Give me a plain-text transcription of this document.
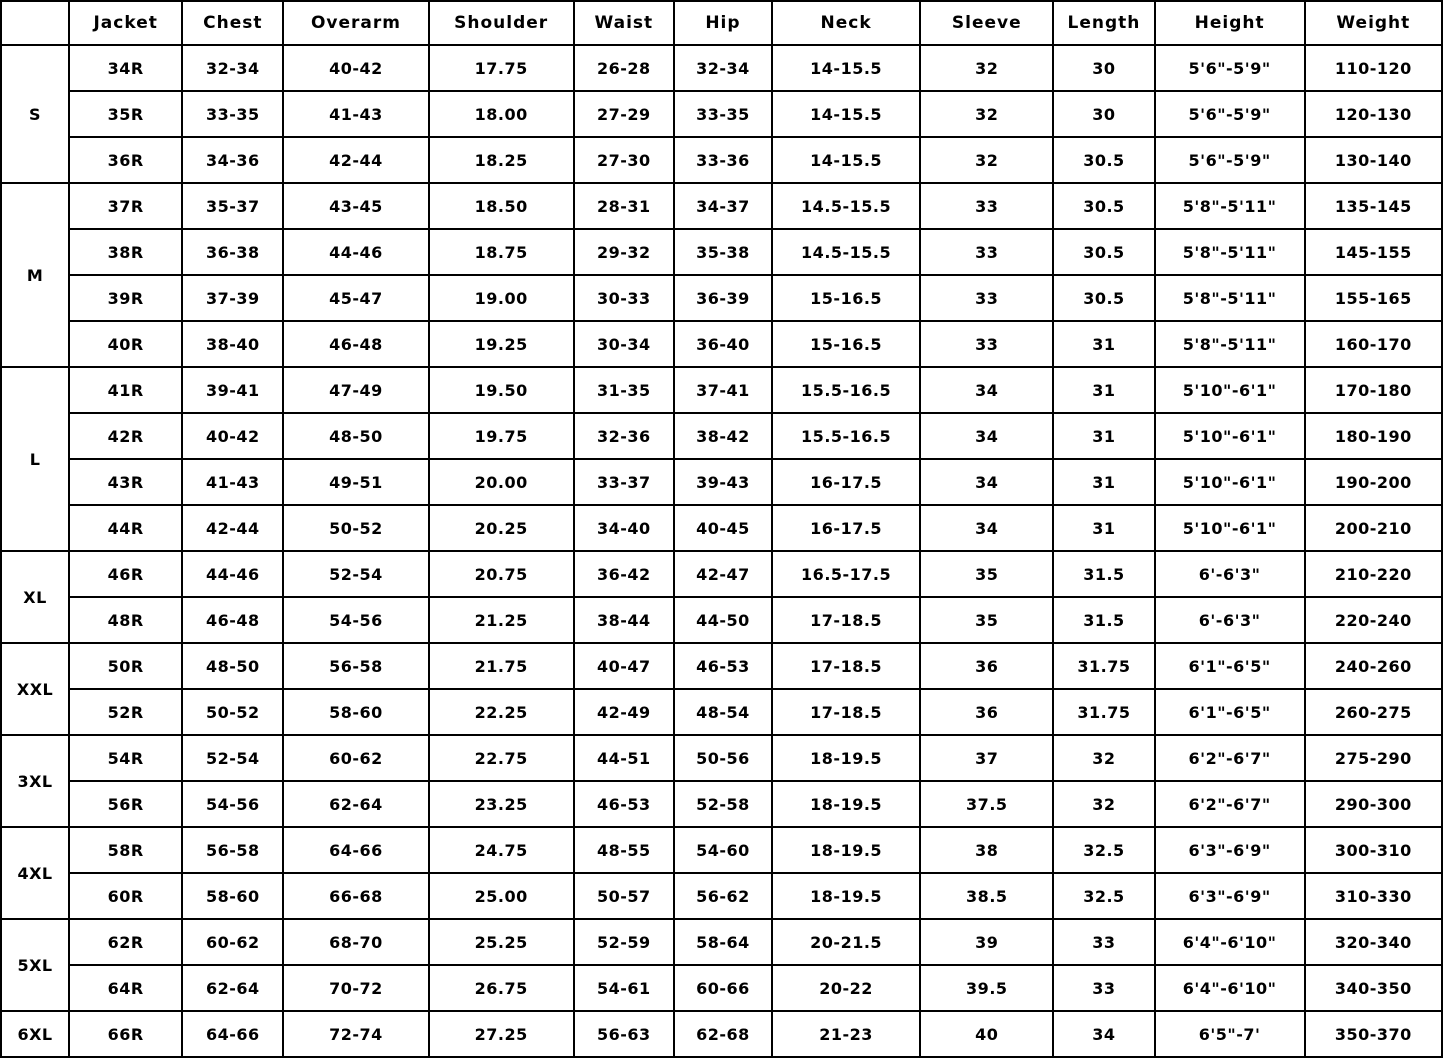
	Jacket	Chest	Overarm	Shoulder	Waist	Hip	Neck	Sleeve	Length	Height	Weight
S	34R	32-34	40-42	17.75	26-28	32-34	14-15.5	32	30	5'6"-5'9"	110-120
	35R	33-35	41-43	18.00	27-29	33-35	14-15.5	32	30	5'6"-5'9"	120-130
	36R	34-36	42-44	18.25	27-30	33-36	14-15.5	32	30.5	5'6"-5'9"	130-140
M	37R	35-37	43-45	18.50	28-31	34-37	14.5-15.5	33	30.5	5'8"-5'11"	135-145
	38R	36-38	44-46	18.75	29-32	35-38	14.5-15.5	33	30.5	5'8"-5'11"	145-155
	39R	37-39	45-47	19.00	30-33	36-39	15-16.5	33	30.5	5'8"-5'11"	155-165
	40R	38-40	46-48	19.25	30-34	36-40	15-16.5	33	31	5'8"-5'11"	160-170
L	41R	39-41	47-49	19.50	31-35	37-41	15.5-16.5	34	31	5'10"-6'1"	170-180
	42R	40-42	48-50	19.75	32-36	38-42	15.5-16.5	34	31	5'10"-6'1"	180-190
	43R	41-43	49-51	20.00	33-37	39-43	16-17.5	34	31	5'10"-6'1"	190-200
	44R	42-44	50-52	20.25	34-40	40-45	16-17.5	34	31	5'10"-6'1"	200-210
XL	46R	44-46	52-54	20.75	36-42	42-47	16.5-17.5	35	31.5	6'-6'3"	210-220
	48R	46-48	54-56	21.25	38-44	44-50	17-18.5	35	31.5	6'-6'3"	220-240
XXL	50R	48-50	56-58	21.75	40-47	46-53	17-18.5	36	31.75	6'1"-6'5"	240-260
	52R	50-52	58-60	22.25	42-49	48-54	17-18.5	36	31.75	6'1"-6'5"	260-275
3XL	54R	52-54	60-62	22.75	44-51	50-56	18-19.5	37	32	6'2"-6'7"	275-290
	56R	54-56	62-64	23.25	46-53	52-58	18-19.5	37.5	32	6'2"-6'7"	290-300
4XL	58R	56-58	64-66	24.75	48-55	54-60	18-19.5	38	32.5	6'3"-6'9"	300-310
	60R	58-60	66-68	25.00	50-57	56-62	18-19.5	38.5	32.5	6'3"-6'9"	310-330
5XL	62R	60-62	68-70	25.25	52-59	58-64	20-21.5	39	33	6'4"-6'10"	320-340
	64R	62-64	70-72	26.75	54-61	60-66	20-22	39.5	33	6'4"-6'10"	340-350
6XL	66R	64-66	72-74	27.25	56-63	62-68	21-23	40	34	6'5"-7'	350-370
